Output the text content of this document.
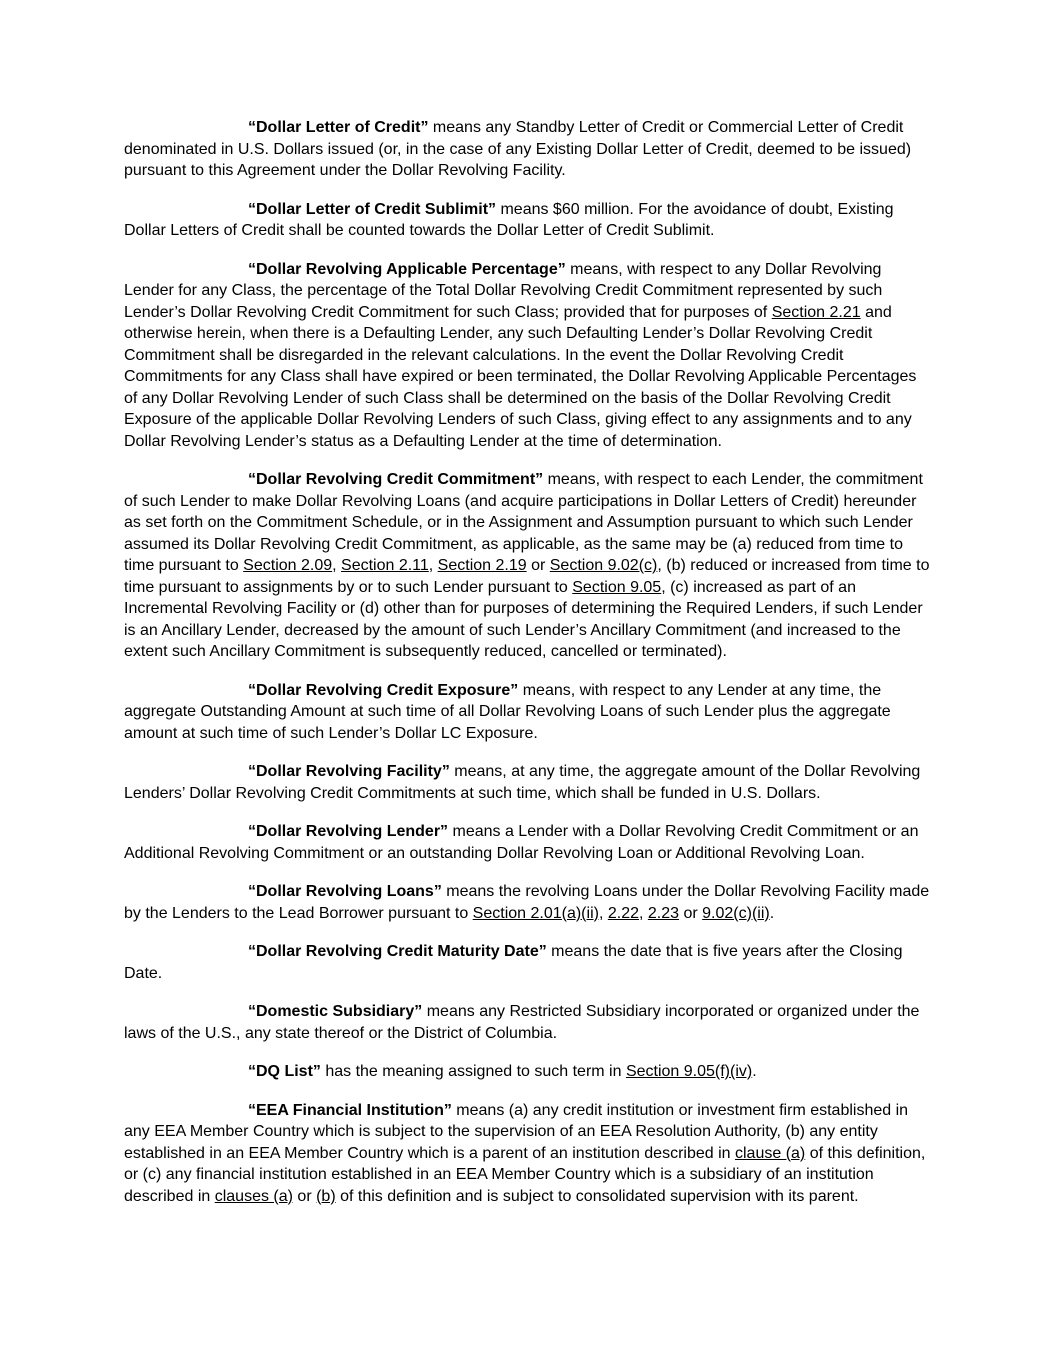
“Dollar Letter of Credit” means any Standby Letter of Credit or Commercial Letter of Credit denominated in U.S. Dollars issued (or, in the case of any Existing Dollar Letter of Credit, deemed to be issued) pursuant to this Agreement under the Dollar Revolving Facility.

“Dollar Letter of Credit Sublimit” means $60 million. For the avoidance of doubt, Existing Dollar Letters of Credit shall be counted towards the Dollar Letter of Credit Sublimit.

“Dollar Revolving Applicable Percentage” means, with respect to any Dollar Revolving Lender for any Class, the percentage of the Total Dollar Revolving Credit Commitment represented by such Lender’s Dollar Revolving Credit Commitment for such Class; provided that for purposes of Section 2.21 and otherwise herein, when there is a Defaulting Lender, any such Defaulting Lender’s Dollar Revolving Credit Commitment shall be disregarded in the relevant calculations. In the event the Dollar Revolving Credit Commitments for any Class shall have expired or been terminated, the Dollar Revolving Applicable Percentages of any Dollar Revolving Lender of such Class shall be determined on the basis of the Dollar Revolving Credit Exposure of the applicable Dollar Revolving Lenders of such Class, giving effect to any assignments and to any Dollar Revolving Lender’s status as a Defaulting Lender at the time of determination.

“Dollar Revolving Credit Commitment” means, with respect to each Lender, the commitment of such Lender to make Dollar Revolving Loans (and acquire participations in Dollar Letters of Credit) hereunder as set forth on the Commitment Schedule, or in the Assignment and Assumption pursuant to which such Lender assumed its Dollar Revolving Credit Commitment, as applicable, as the same may be (a) reduced from time to time pursuant to Section 2.09, Section 2.11, Section 2.19 or Section 9.02(c), (b) reduced or increased from time to time pursuant to assignments by or to such Lender pursuant to Section 9.05, (c) increased as part of an Incremental Revolving Facility or (d) other than for purposes of determining the Required Lenders, if such Lender is an Ancillary Lender, decreased by the amount of such Lender’s Ancillary Commitment (and increased to the extent such Ancillary Commitment is subsequently reduced, cancelled or terminated).

“Dollar Revolving Credit Exposure” means, with respect to any Lender at any time, the aggregate Outstanding Amount at such time of all Dollar Revolving Loans of such Lender plus the aggregate amount at such time of such Lender’s Dollar LC Exposure.

“Dollar Revolving Facility” means, at any time, the aggregate amount of the Dollar Revolving Lenders’ Dollar Revolving Credit Commitments at such time, which shall be funded in U.S. Dollars.

“Dollar Revolving Lender” means a Lender with a Dollar Revolving Credit Commitment or an Additional Revolving Commitment or an outstanding Dollar Revolving Loan or Additional Revolving Loan.

“Dollar Revolving Loans” means the revolving Loans under the Dollar Revolving Facility made by the Lenders to the Lead Borrower pursuant to Section 2.01(a)(ii), 2.22, 2.23 or 9.02(c)(ii).

“Dollar Revolving Credit Maturity Date” means the date that is five years after the Closing
Date.

“Domestic Subsidiary” means any Restricted Subsidiary incorporated or organized under the laws of the U.S., any state thereof or the District of Columbia.

“DQ List” has the meaning assigned to such term in Section 9.05(f)(iv).

“EEA Financial Institution” means (a) any credit institution or investment firm established in any EEA Member Country which is subject to the supervision of an EEA Resolution Authority, (b) any entity established in an EEA Member Country which is a parent of an institution described in clause (a) of this definition, or (c) any financial institution established in an EEA Member Country which is a subsidiary of an institution described in clauses (a) or (b) of this definition and is subject to consolidated supervision with its parent.
